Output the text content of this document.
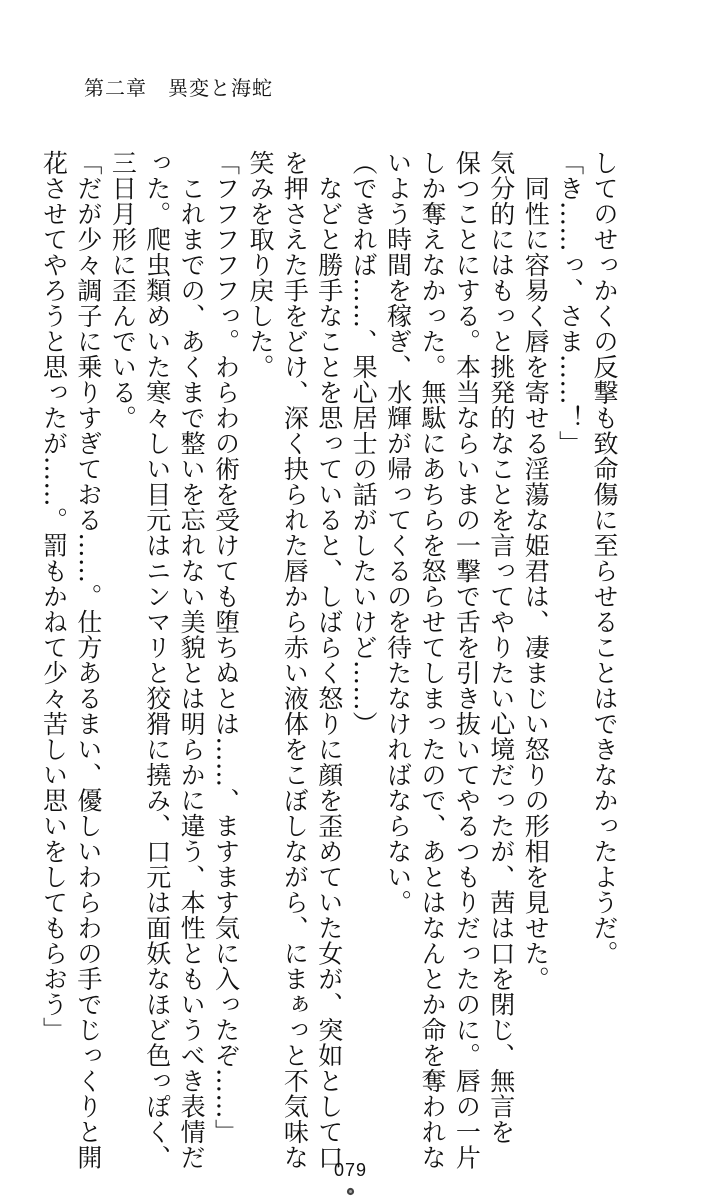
第二章　異変と海蛇

してのせっかくの反撃も致命傷に至らせることはできなかったようだ。

「き……っ、さま……！」

　同性に容易く唇を寄せる淫蕩な姫君は、凄まじい怒りの形相を見せた。

気分的にはもっと挑発的なことを言ってやりたい心境だったが、茜は口を閉じ、無言を

保つことにする。本当ならいまの一撃で舌を引き抜いてやるつもりだったのに。唇の一片

しか奪えなかった。無駄にあちらを怒らせてしまったので、あとはなんとか命を奪われな

いよう時間を稼ぎ、水輝が帰ってくるのを待たなければならない。

（できれば……、果心居士の話がしたいけど……）

　などと勝手なことを思っていると、しばらく怒りに顔を歪めていた女が、突如として口

を押さえた手をどけ、深く抉られた唇から赤い液体をこぼしながら、にまぁっと不気味な

笑みを取り戻した。

「フフフフフっ。わらわの術を受けても堕ちぬとは……、ますます気に入ったぞ……」

　これまでの、あくまで整いを忘れない美貌とは明らかに違う、本性ともいうべき表情だ

った。爬虫類めいた寒々しい目元はニンマリと狡猾に撓み、口元は面妖なほど色っぽく、

三日月形に歪んでいる。

「だが少々調子に乗りすぎておる……。仕方あるまい、優しいわらわの手でじっくりと開

花させてやろうと思ったが……。罰もかねて少々苦しい思いをしてもらおう」

079
